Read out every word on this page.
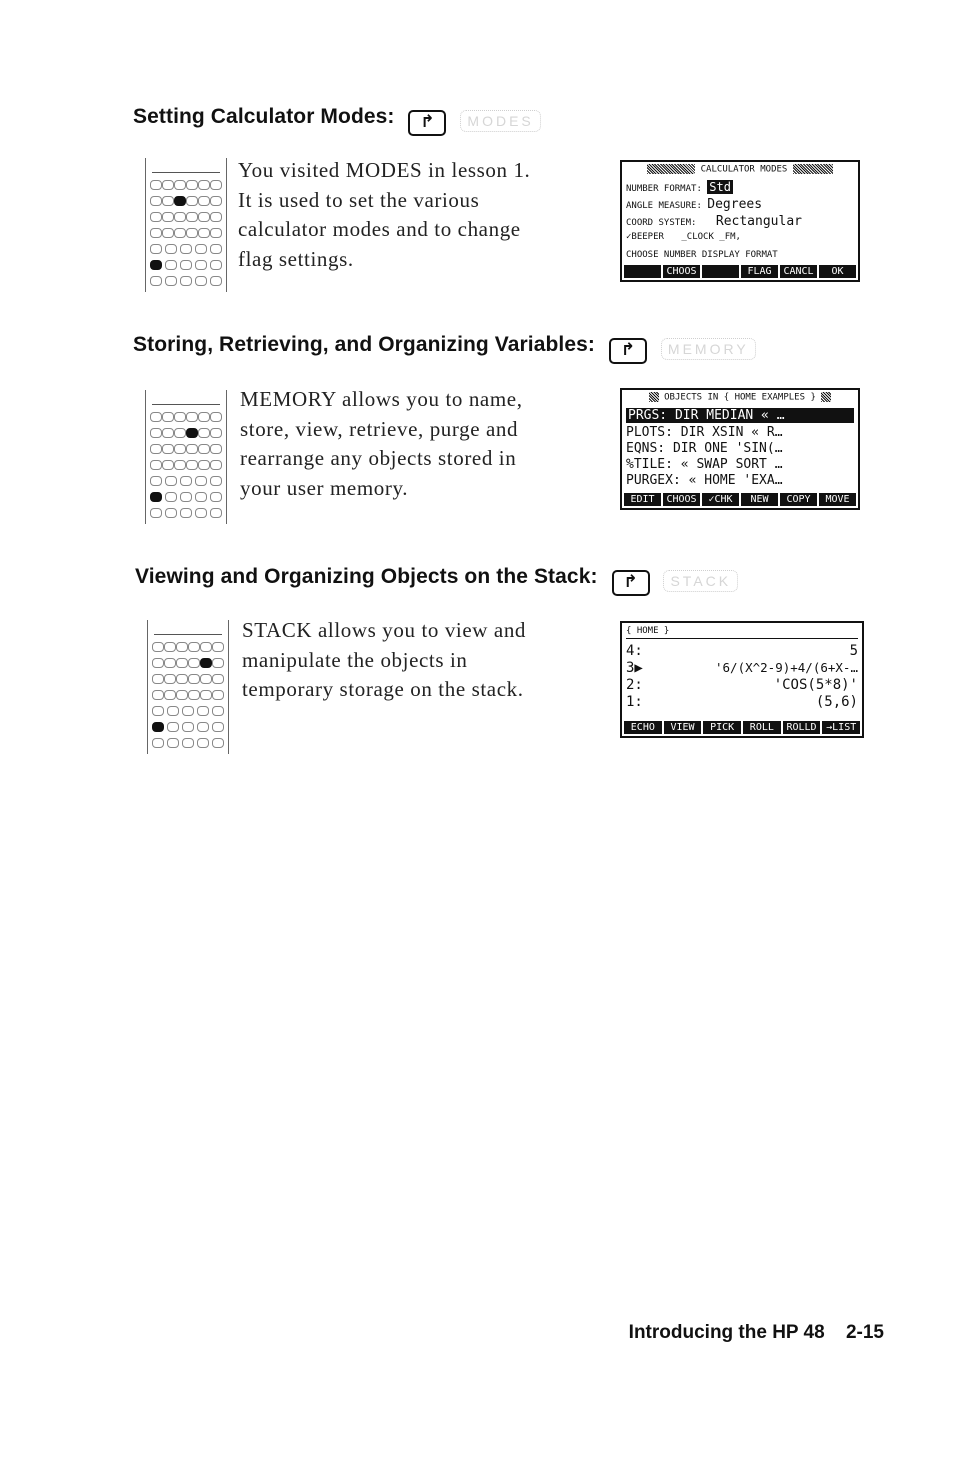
Setting Calculator Modes: ↱ MODES
You visited MODES in lesson 1.
It is used to set the various
calculator modes and to change
flag settings.
CALCULATOR MODES
NUMBER FORMAT: Std
ANGLE MEASURE: Degrees
COORD SYSTEM: Rectangular
✓BEEPER _CLOCK _FM,
CHOOSE NUMBER DISPLAY FORMAT
CHOOS	FLAG	CANCL	OK
Storing, Retrieving, and Organizing Variables: ↱ MEMORY
MEMORY allows you to name,
store, view, retrieve, purge and
rearrange any objects stored in
your user memory.
OBJECTS IN { HOME EXAMPLES }
PRGS: DIR MEDIAN « …
PLOTS: DIR XSIN « R…
EQNS: DIR ONE 'SIN(…
%TILE: « SWAP SORT …
PURGEX: « HOME 'EXA…
EDIT	CHOOS	✓CHK	NEW	COPY	MOVE
Viewing and Organizing Objects on the Stack: ↱ STACK
STACK allows you to view and
manipulate the objects in
temporary storage on the stack.
{ HOME }
4:	5
3▶	'6/(X^2-9)+4/(6+X-…
2:	'COS(5*8)'
1:	(5,6)
ECHO	VIEW	PICK	ROLL	ROLLD →LIST
Introducing the HP 48 2-15
